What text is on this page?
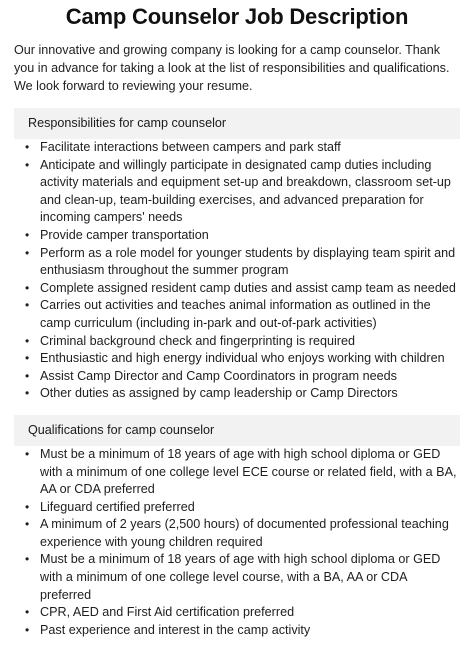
Camp Counselor Job Description

Our innovative and growing company is looking for a camp counselor. Thank you in advance for taking a look at the list of responsibilities and qualifications. We look forward to reviewing your resume.

Responsibilities for camp counselor
• Facilitate interactions between campers and park staff
• Anticipate and willingly participate in designated camp duties including activity materials and equipment set-up and breakdown, classroom set-up and clean-up, team-building exercises, and advanced preparation for incoming campers' needs
• Provide camper transportation
• Perform as a role model for younger students by displaying team spirit and enthusiasm throughout the summer program
• Complete assigned resident camp duties and assist camp team as needed
• Carries out activities and teaches animal information as outlined in the camp curriculum (including in-park and out-of-park activities)
• Criminal background check and fingerprinting is required
• Enthusiastic and high energy individual who enjoys working with children
• Assist Camp Director and Camp Coordinators in program needs
• Other duties as assigned by camp leadership or Camp Directors
Qualifications for camp counselor
• Must be a minimum of 18 years of age with high school diploma or GED with a minimum of one college level ECE course or related field, with a BA, AA or CDA preferred
• Lifeguard certified preferred
• A minimum of 2 years (2,500 hours) of documented professional teaching experience with young children required
• Must be a minimum of 18 years of age with high school diploma or GED with a minimum of one college level course, with a BA, AA or CDA preferred
• CPR, AED and First Aid certification preferred
• Past experience and interest in the camp activity
